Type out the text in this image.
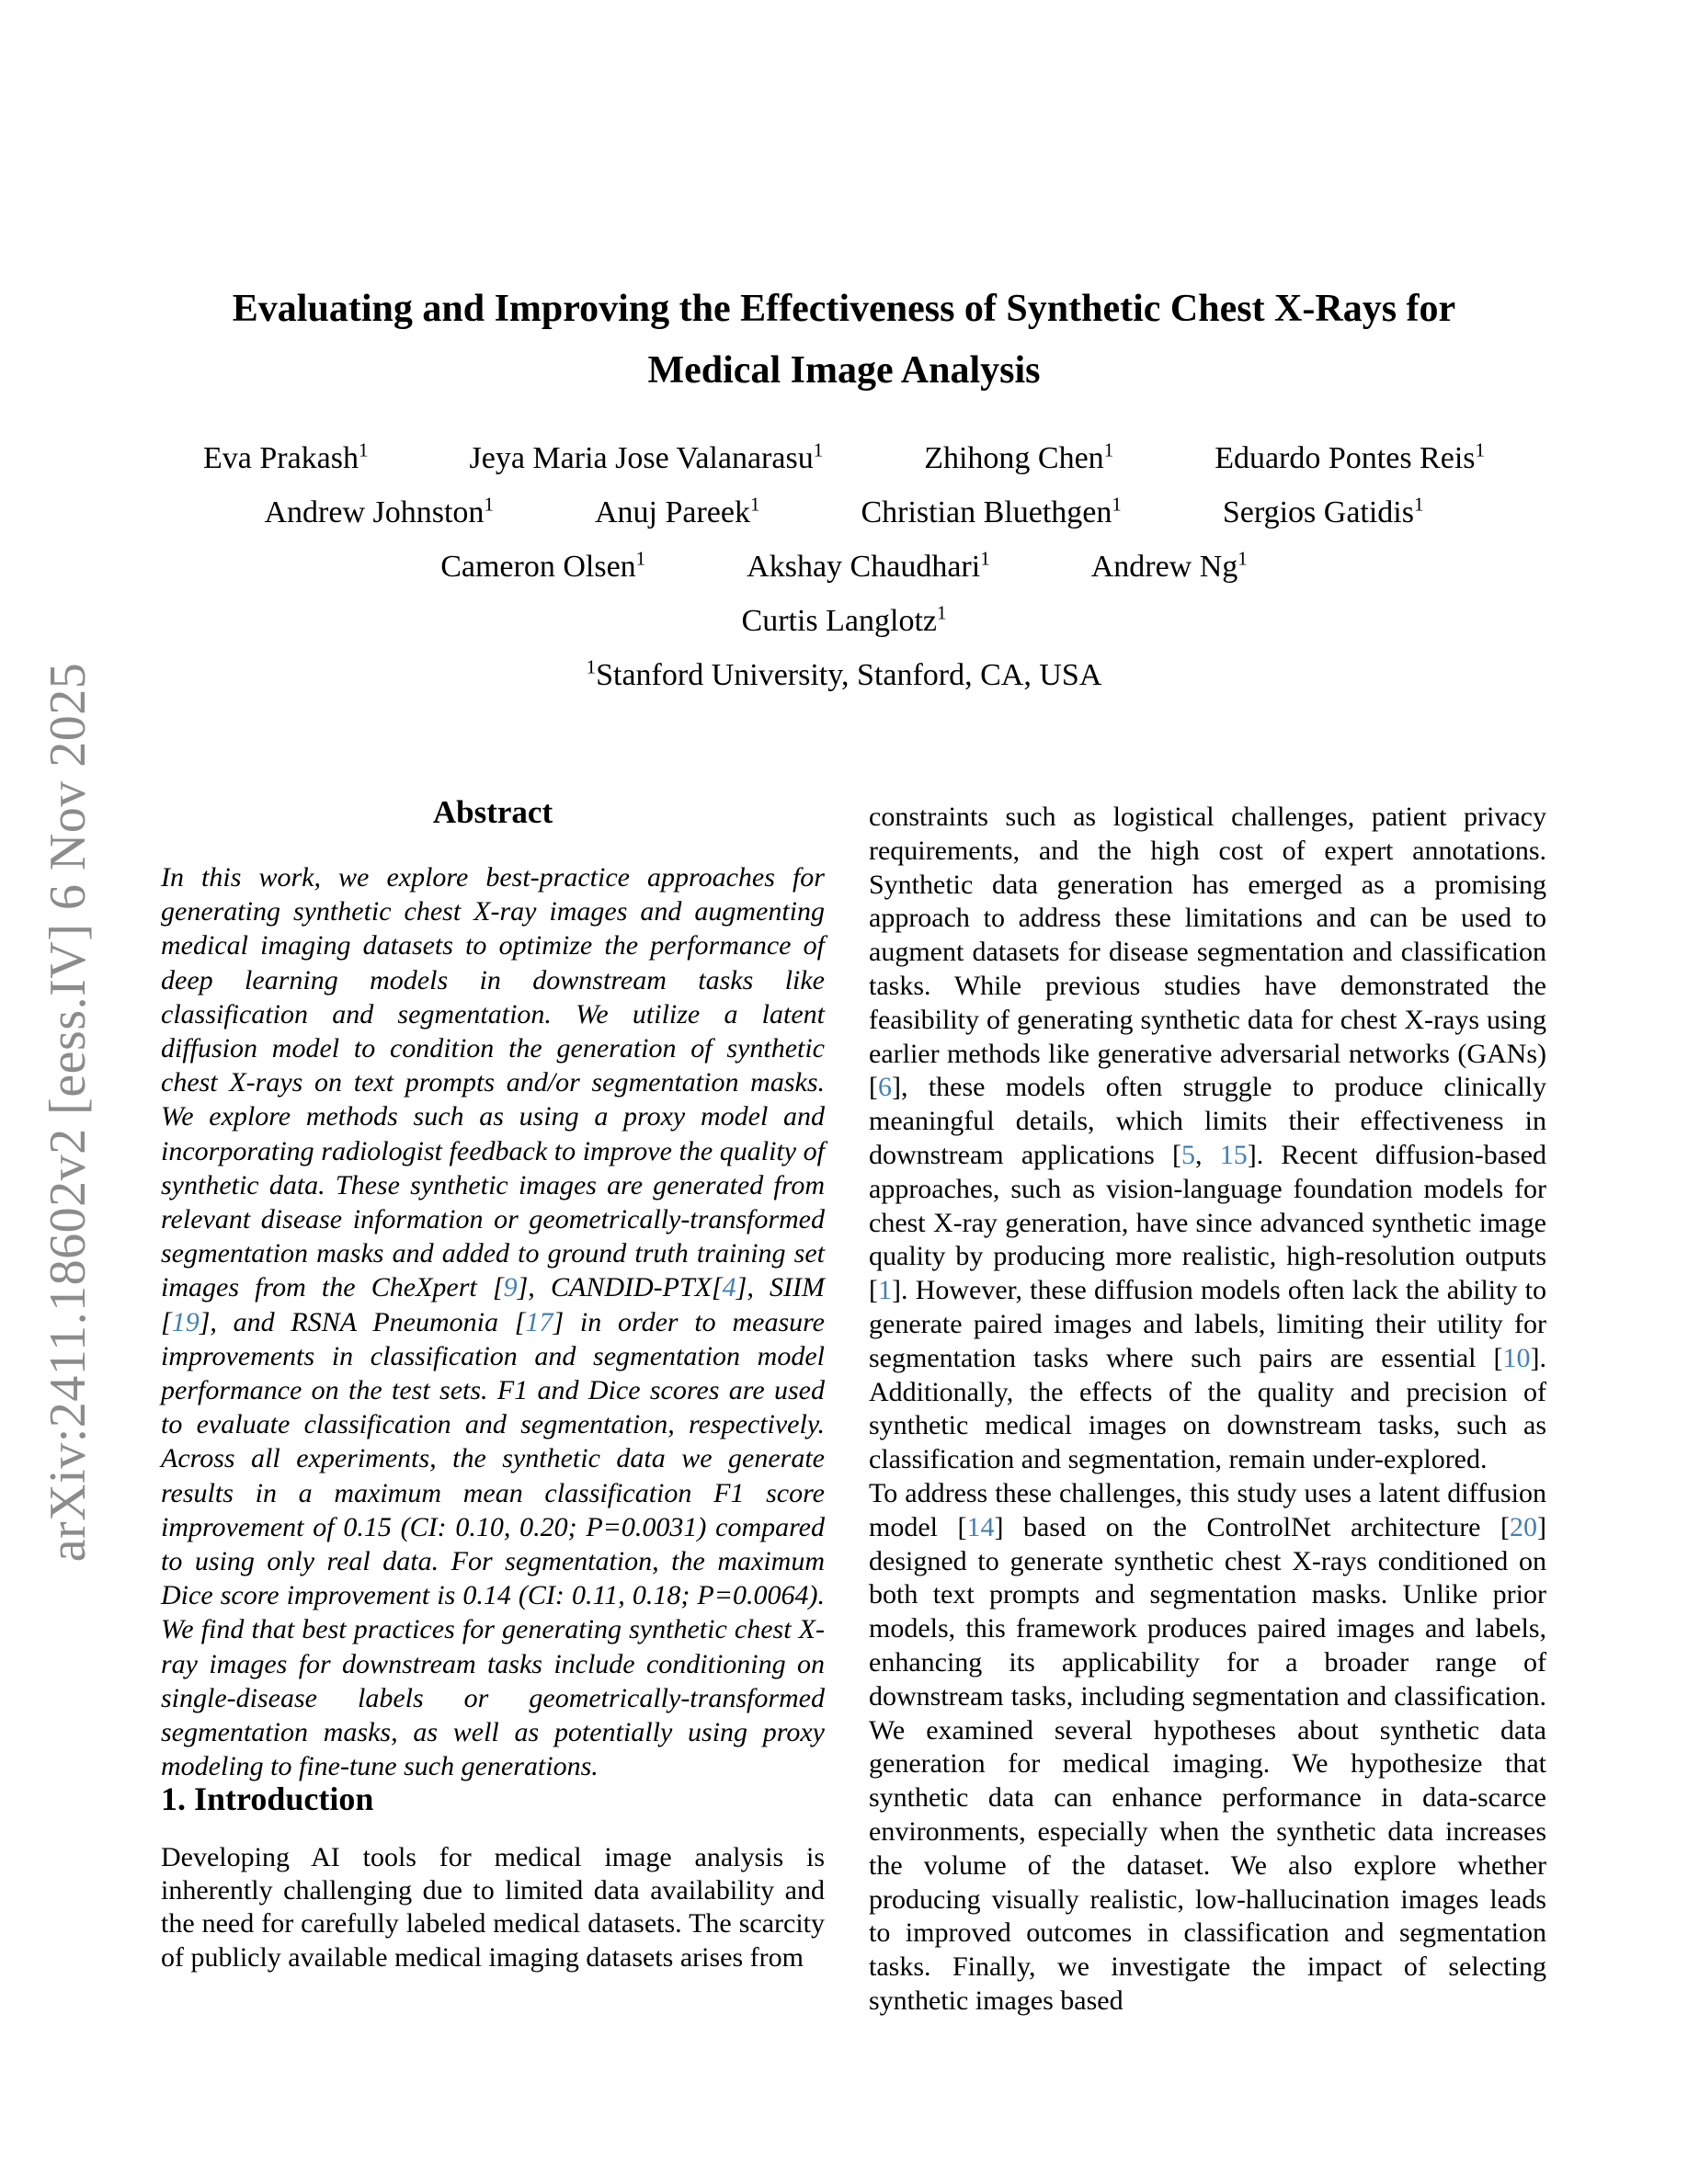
arXiv:2411.18602v2 [eess.IV] 6 Nov 2025
Evaluating and Improving the Effectiveness of Synthetic Chest X-Rays for
Medical Image Analysis
Eva Prakash$^1$	Jeya Maria Jose Valanarasu$^1$	Zhihong Chen$^1$	Eduardo Pontes Reis$^1$
Andrew Johnston$^1$	Anuj Pareek$^1$	Christian Bluethgen$^1$	Sergios Gatidis$^1$
Cameron Olsen$^1$	Akshay Chaudhari$^1$	Andrew Ng$^1$
Curtis Langlotz$^1$
$^1$Stanford University, Stanford, CA, USA
Abstract
In this work, we explore best-practice approaches for generating synthetic chest X-ray images and augmenting medical imaging datasets to optimize the performance of deep learning models in downstream tasks like classification and segmentation. We utilize a latent diffusion model to condition the generation of synthetic chest X-rays on text prompts and/or segmentation masks. We explore methods such as using a proxy model and incorporating radiologist feedback to improve the quality of synthetic data. These synthetic images are generated from relevant disease information or geometrically-transformed segmentation masks and added to ground truth training set images from the CheXpert [9], CANDID-PTX[4], SIIM [19], and RSNA Pneumonia [17] in order to measure improvements in classification and segmentation model performance on the test sets. F1 and Dice scores are used to evaluate classification and segmentation, respectively. Across all experiments, the synthetic data we generate results in a maximum mean classification F1 score improvement of 0.15 (CI: 0.10, 0.20; P=0.0031) compared to using only real data. For segmentation, the maximum Dice score improvement is 0.14 (CI: 0.11, 0.18; P=0.0064). We find that best practices for generating synthetic chest X-ray images for downstream tasks include conditioning on single-disease labels or geometrically-transformed segmentation masks, as well as potentially using proxy modeling to fine-tune such generations.
1. Introduction
Developing AI tools for medical image analysis is inherently challenging due to limited data availability and the need for carefully labeled medical datasets. The scarcity of publicly available medical imaging datasets arises from

constraints such as logistical challenges, patient privacy requirements, and the high cost of expert annotations. Synthetic data generation has emerged as a promising approach to address these limitations and can be used to augment datasets for disease segmentation and classification tasks. While previous studies have demonstrated the feasibility of generating synthetic data for chest X-rays using earlier methods like generative adversarial networks (GANs) [6], these models often struggle to produce clinically meaningful details, which limits their effectiveness in downstream applications [5, 15]. Recent diffusion-based approaches, such as vision-language foundation models for chest X-ray generation, have since advanced synthetic image quality by producing more realistic, high-resolution outputs [1]. However, these diffusion models often lack the ability to generate paired images and labels, limiting their utility for segmentation tasks where such pairs are essential [10]. Additionally, the effects of the quality and precision of synthetic medical images on downstream tasks, such as classification and segmentation, remain under-explored.

To address these challenges, this study uses a latent diffusion model [14] based on the ControlNet architecture [20] designed to generate synthetic chest X-rays conditioned on both text prompts and segmentation masks. Unlike prior models, this framework produces paired images and labels, enhancing its applicability for a broader range of downstream tasks, including segmentation and classification. We examined several hypotheses about synthetic data generation for medical imaging. We hypothesize that synthetic data can enhance performance in data-scarce environments, especially when the synthetic data increases the volume of the dataset. We also explore whether producing visually realistic, low-hallucination images leads to improved outcomes in classification and segmentation tasks. Finally, we investigate the impact of selecting synthetic images based
